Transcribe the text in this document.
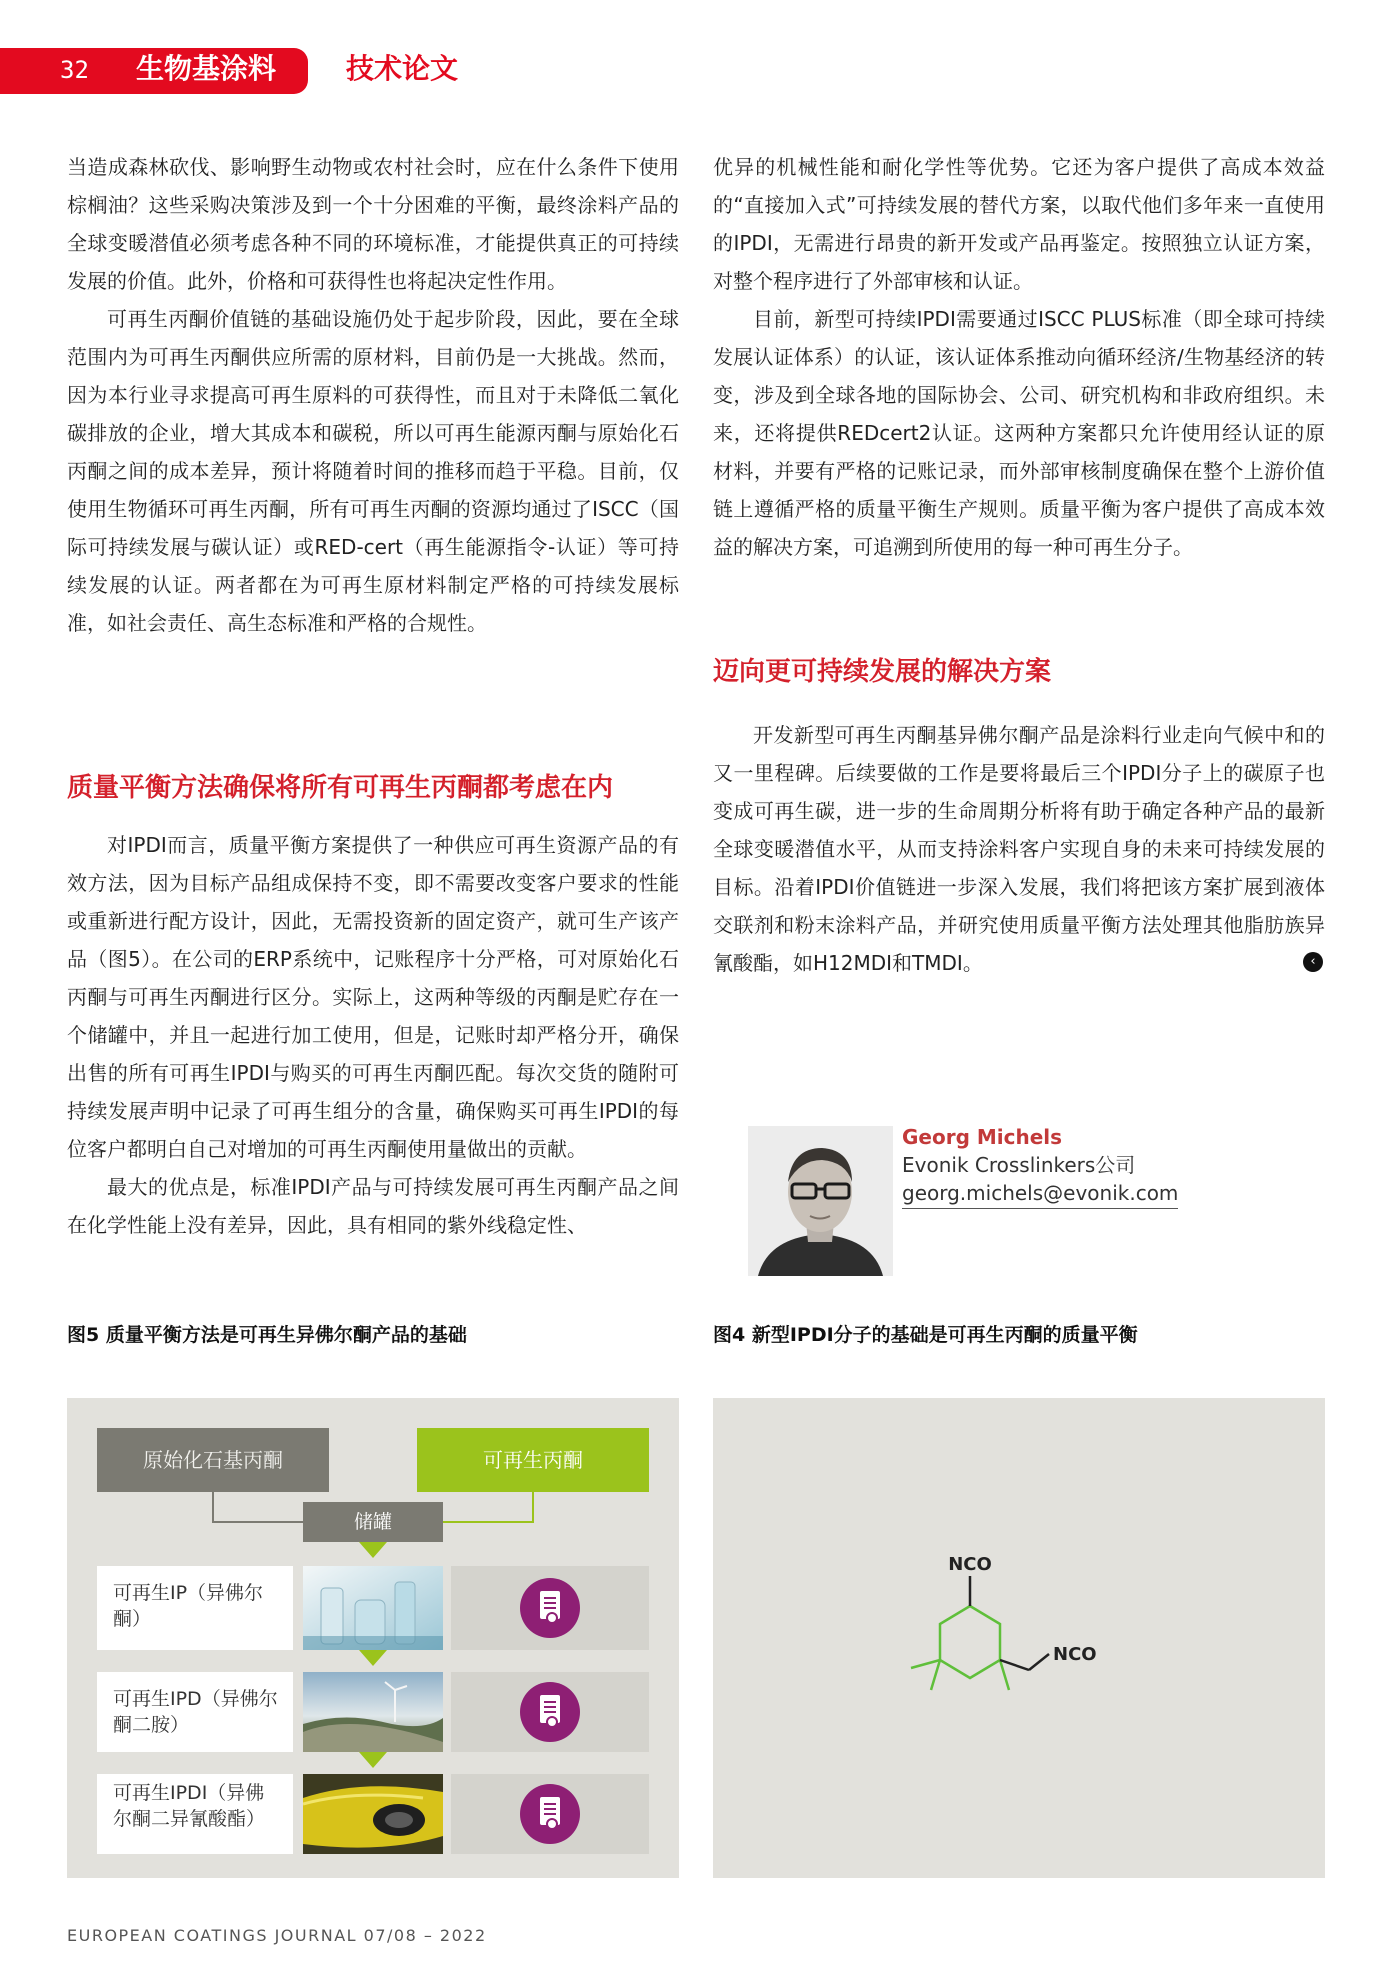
32 生物基涂料 技术论文

当造成森林砍伐、影响野生动物或农村社会时，应在什么条件下使用棕榈油？这些采购决策涉及到一个十分困难的平衡，最终涂料产品的全球变暖潜值必须考虑各种不同的环境标准，才能提供真正的可持续发展的价值。此外，价格和可获得性也将起决定性作用。

可再生丙酮价值链的基础设施仍处于起步阶段，因此，要在全球范围内为可再生丙酮供应所需的原材料，目前仍是一大挑战。然而，因为本行业寻求提高可再生原料的可获得性，而且对于未降低二氧化碳排放的企业，增大其成本和碳税，所以可再生能源丙酮与原始化石丙酮之间的成本差异，预计将随着时间的推移而趋于平稳。目前，仅使用生物循环可再生丙酮，所有可再生丙酮的资源均通过了ISCC（国际可持续发展与碳认证）或RED-cert（再生能源指令-认证）等可持续发展的认证。两者都在为可再生原材料制定严格的可持续发展标准，如社会责任、高生态标准和严格的合规性。

质量平衡方法确保将所有可再生丙酮都考虑在内

对IPDI而言，质量平衡方案提供了一种供应可再生资源产品的有效方法，因为目标产品组成保持不变，即不需要改变客户要求的性能或重新进行配方设计，因此，无需投资新的固定资产，就可生产该产品（图5）。在公司的ERP系统中，记账程序十分严格，可对原始化石丙酮与可再生丙酮进行区分。实际上，这两种等级的丙酮是贮存在一个储罐中，并且一起进行加工使用，但是，记账时却严格分开，确保出售的所有可再生IPDI与购买的可再生丙酮匹配。每次交货的随附可持续发展声明中记录了可再生组分的含量，确保购买可再生IPDI的每位客户都明白自己对增加的可再生丙酮使用量做出的贡献。

最大的优点是，标准IPDI产品与可持续发展可再生丙酮产品之间在化学性能上没有差异，因此，具有相同的紫外线稳定性、

优异的机械性能和耐化学性等优势。它还为客户提供了高成本效益的“直接加入式”可持续发展的替代方案，以取代他们多年来一直使用的IPDI，无需进行昂贵的新开发或产品再鉴定。按照独立认证方案，对整个程序进行了外部审核和认证。

目前，新型可持续IPDI需要通过ISCC PLUS标准（即全球可持续发展认证体系）的认证，该认证体系推动向循环经济/生物基经济的转变，涉及到全球各地的国际协会、公司、研究机构和非政府组织。未来，还将提供REDcert2认证。这两种方案都只允许使用经认证的原材料，并要有严格的记账记录，而外部审核制度确保在整个上游价值链上遵循严格的质量平衡生产规则。质量平衡为客户提供了高成本效益的解决方案，可追溯到所使用的每一种可再生分子。

迈向更可持续发展的解决方案

开发新型可再生丙酮基异佛尔酮产品是涂料行业走向气候中和的又一里程碑。后续要做的工作是要将最后三个IPDI分子上的碳原子也变成可再生碳，进一步的生命周期分析将有助于确定各种产品的最新全球变暖潜值水平，从而支持涂料客户实现自身的未来可持续发展的目标。沿着IPDI价值链进一步深入发展，我们将把该方案扩展到液体交联剂和粉末涂料产品，并研究使用质量平衡方法处理其他脂肪族异氰酸酯，如H12MDI和TMDI。	‹
Georg Michels
Evonik Crosslinkers公司
georg.michels@evonik.com
图5 质量平衡方法是可再生异佛尔酮产品的基础	图4 新型IPDI分子的基础是可再生丙酮的质量平衡
原始化石基丙酮	可再生丙酮
储罐
可再生IP（异佛尔酮）
可再生IPD（异佛尔酮二胺）
可再生IPDI（异佛尔酮二异氰酸酯）
NCO
NCO
EUROPEAN COATINGS JOURNAL 07/08 – 2022
